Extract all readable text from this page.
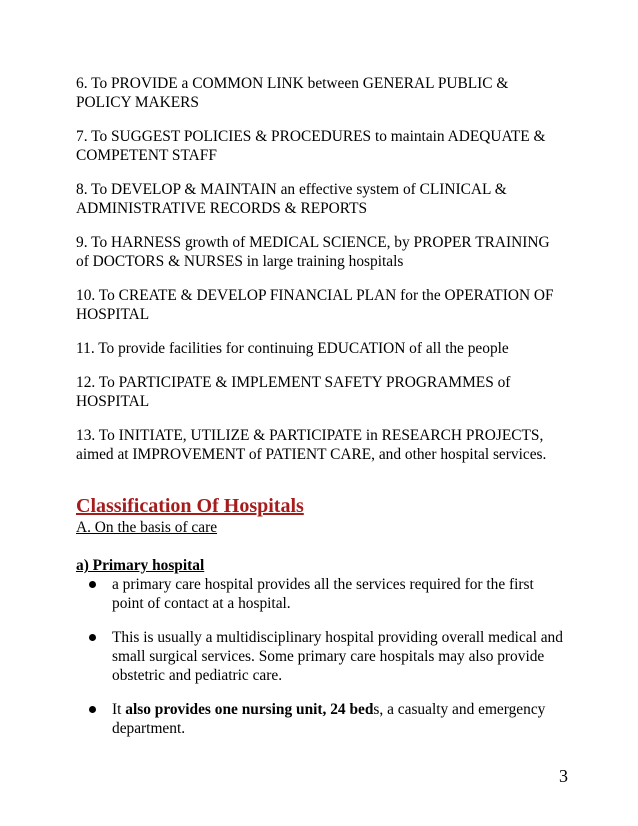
6. To PROVIDE a COMMON LINK between GENERAL PUBLIC & POLICY MAKERS

7. To SUGGEST POLICIES & PROCEDURES to maintain ADEQUATE & COMPETENT STAFF

8. To DEVELOP & MAINTAIN an effective system of CLINICAL & ADMINISTRATIVE RECORDS & REPORTS

9. To HARNESS growth of MEDICAL SCIENCE, by PROPER TRAINING of DOCTORS & NURSES in large training hospitals

10. To CREATE & DEVELOP FINANCIAL PLAN for the OPERATION OF HOSPITAL

11. To provide facilities for continuing EDUCATION of all the people

12. To PARTICIPATE & IMPLEMENT SAFETY PROGRAMMES of HOSPITAL

13. To INITIATE, UTILIZE & PARTICIPATE in RESEARCH PROJECTS, aimed at IMPROVEMENT of PATIENT CARE, and other hospital services.

Classification Of Hospitals
A. On the basis of care
a) Primary hospital
a primary care hospital provides all the services required for the first point of contact at a hospital.
This is usually a multidisciplinary hospital providing overall medical and small surgical services. Some primary care hospitals may also provide obstetric and pediatric care.
It also provides one nursing unit, 24 beds, a casualty and emergency department.
3
